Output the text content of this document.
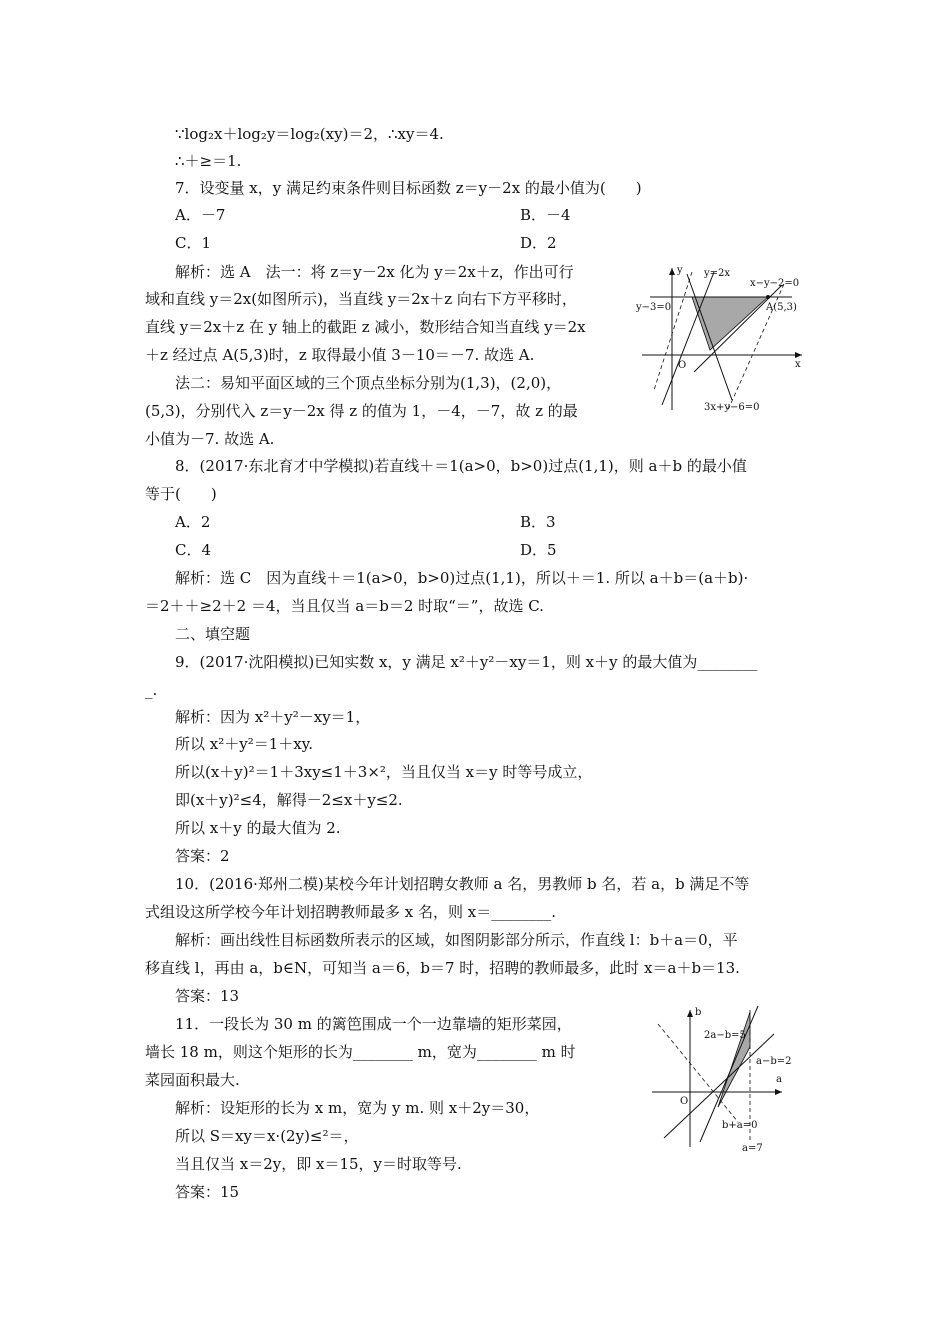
∵log₂x＋log₂y＝log₂(xy)＝2，∴xy＝4.
∴＋≥＝1.
7．设变量 x，y 满足约束条件则目标函数 z＝y－2x 的最小值为(　　)
A．－7	B．－4
C．1	D．2
解析：选 A　法一：将 z＝y－2x 化为 y＝2x＋z，作出可行
域和直线 y＝2x(如图所示)，当直线 y＝2x＋z 向右下方平移时，
直线 y＝2x＋z 在 y 轴上的截距 z 减小，数形结合知当直线 y＝2x
＋z 经过点 A(5,3)时，z 取得最小值 3－10＝－7. 故选 A.
法二：易知平面区域的三个顶点坐标分别为(1,3)，(2,0)，
(5,3)，分别代入 z＝y－2x 得 z 的值为 1，－4，－7，故 z 的最
小值为－7. 故选 A.
8．(2017·东北育才中学模拟)若直线＋＝1(a>0，b>0)过点(1,1)，则 a＋b 的最小值
等于(　　)
A．2	B．3
C．4	D．5
解析：选 C　因为直线＋＝1(a>0，b>0)过点(1,1)，所以＋＝1. 所以 a＋b＝(a＋b)·
＝2＋＋≥2＋2 ＝4，当且仅当 a＝b＝2 时取“＝”，故选 C.
二、填空题
9．(2017·沈阳模拟)已知实数 x，y 满足 x²＋y²－xy＝1，则 x＋y 的最大值为________
_.
解析：因为 x²＋y²－xy＝1，
所以 x²＋y²＝1＋xy.
所以(x＋y)²＝1＋3xy≤1＋3×²，当且仅当 x＝y 时等号成立，
即(x＋y)²≤4，解得－2≤x＋y≤2.
所以 x＋y 的最大值为 2.
答案：2
10．(2016·郑州二模)某校今年计划招聘女教师 a 名，男教师 b 名，若 a，b 满足不等
式组设这所学校今年计划招聘教师最多 x 名，则 x＝________.
解析：画出线性目标函数所表示的区域，如图阴影部分所示，作直线 l：b＋a＝0，平
移直线 l，再由 a，b∈N，可知当 a＝6，b＝7 时，招聘的教师最多，此时 x＝a＋b＝13.
答案：13
11．一段长为 30 m 的篱笆围成一个一边靠墙的矩形菜园，
墙长 18 m，则这个矩形的长为________ m，宽为________ m 时
菜园面积最大.
解析：设矩形的长为 x m，宽为 y m. 则 x＋2y＝30，
所以 S＝xy＝x·(2y)≤²＝，
当且仅当 x＝2y，即 x＝15，y＝时取等号.
答案：15
y
x
y=2x
x−y−2=0
y−3=0	A(5,3)
O
3x+y−6=0
b
a
2a−b=5
a−b=2
O
b+a=0
a=7
